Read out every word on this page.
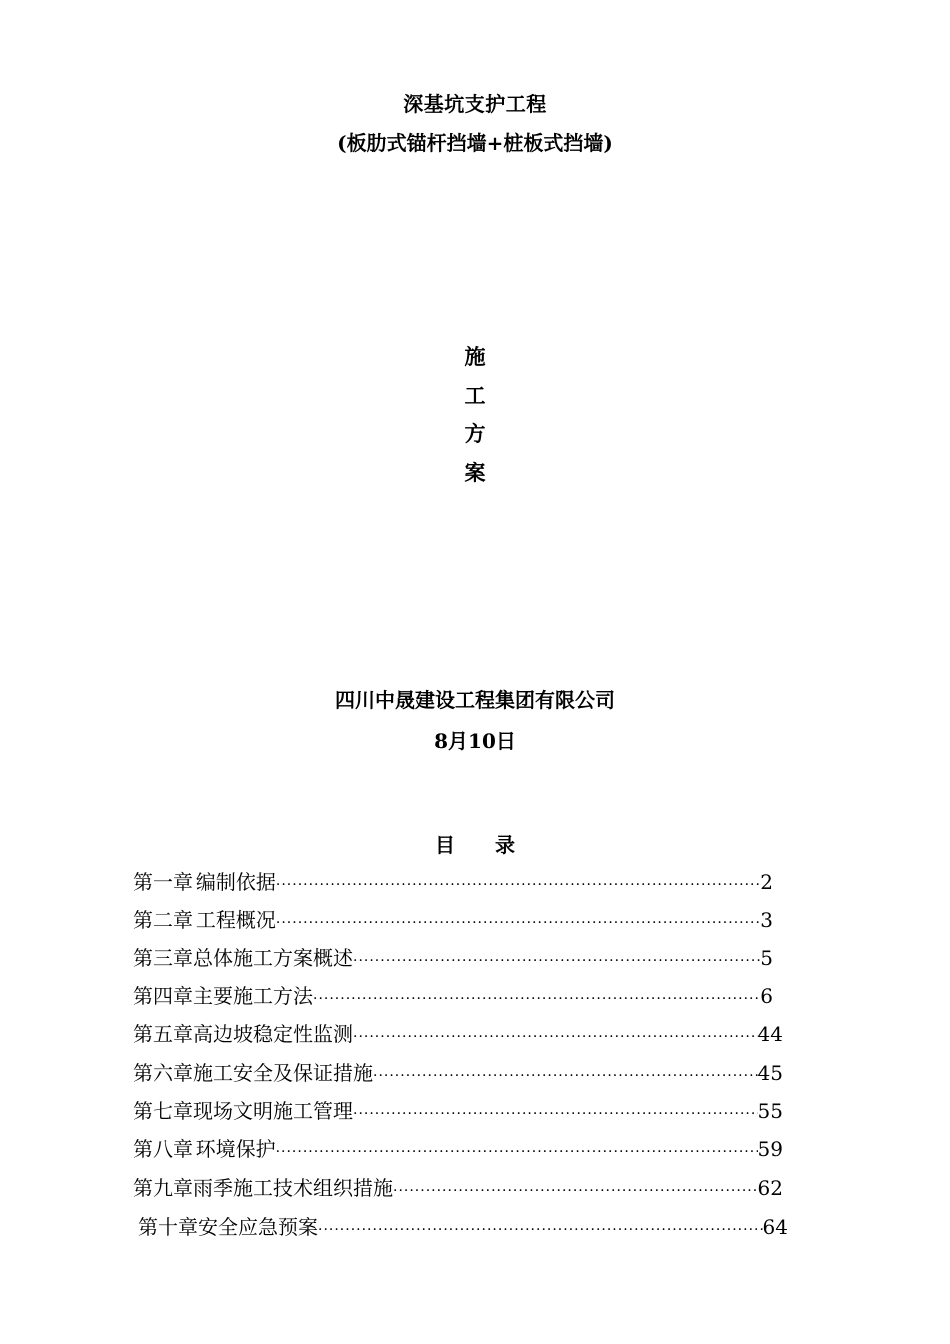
深基坑支护工程
(板肋式锚杆挡墙+桩板式挡墙)
施
工
方
案
四川中晟建设工程集团有限公司
8月10日
目 录
第一章 编制依据 ·····	2
第二章 工程概况 ·····	3
第三章 总体施工方案概述 ·····	5
第四章 主要施工方法 ·····	6
第五章 高边坡稳定性监测 ·····	44
第六章 施工安全及保证措施 ·····	45
第七章 现场文明施工管理 ·····	55
第八章 环境保护 ·····	59
第九章 雨季施工技术组织措施 ·····	62
第十章 安全应急预案 ·····	64
